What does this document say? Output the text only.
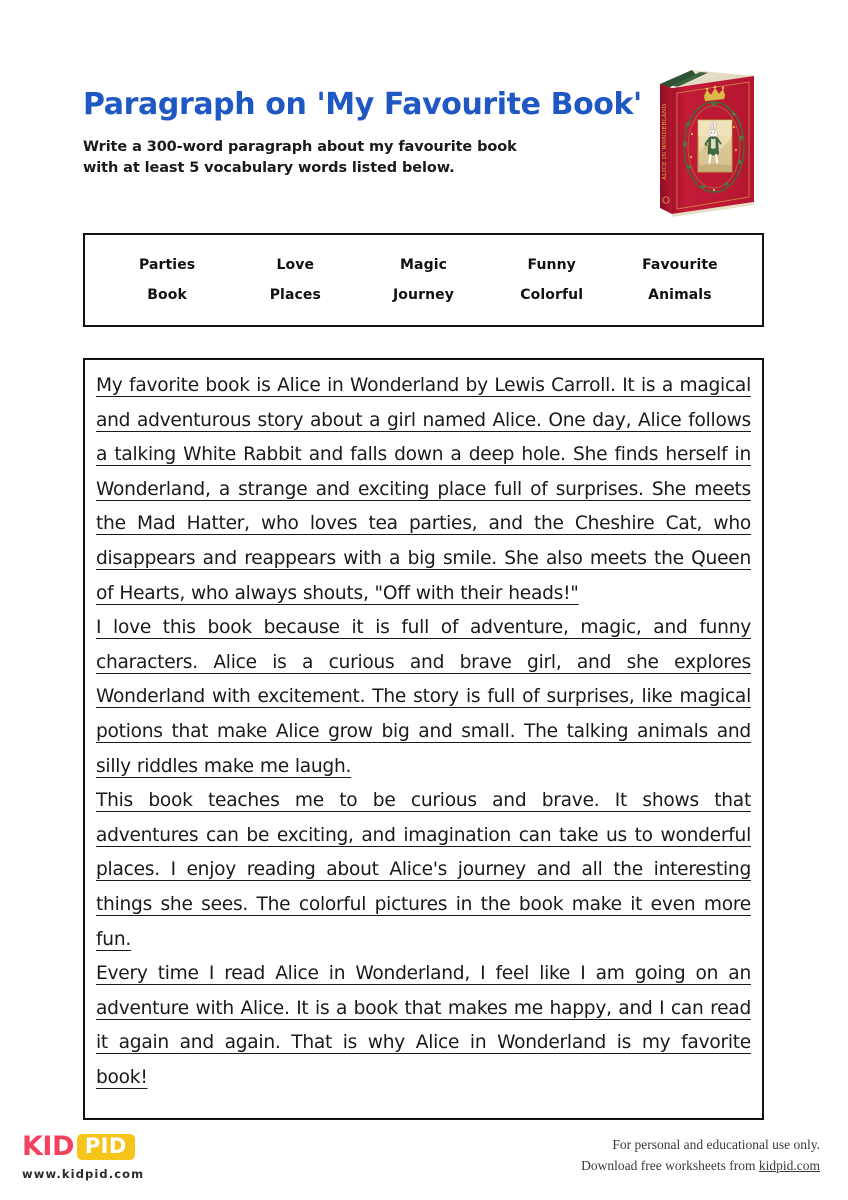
Paragraph on 'My Favourite Book'
Write a 300-word paragraph about my favourite book
with at least 5 vocabulary words listed below.	ALICE IN WONDERLAND
Parties	Love	Magic	Funny	Favourite
Book	Places	Journey	Colorful	Animals

My favorite book is Alice in Wonderland by Lewis Carroll. It is a magical and adventurous story about a girl named Alice. One day, Alice follows a talking White Rabbit and falls down a deep hole. She finds herself in Wonderland, a strange and exciting place full of surprises. She meets the Mad Hatter, who loves tea parties, and the Cheshire Cat, who disappears and reappears with a big smile. She also meets the Queen of Hearts, who always shouts, "Off with their heads!"

I love this book because it is full of adventure, magic, and funny characters. Alice is a curious and brave girl, and she explores Wonderland with excitement. The story is full of surprises, like magical potions that make Alice grow big and small. The talking animals and silly riddles make me laugh.

This book teaches me to be curious and brave. It shows that adventures can be exciting, and imagination can take us to wonderful places. I enjoy reading about Alice's journey and all the interesting things she sees. The colorful pictures in the book make it even more fun.

Every time I read Alice in Wonderland, I feel like I am going on an adventure with Alice. It is a book that makes me happy, and I can read it again and again. That is why Alice in Wonderland is my favorite book!

KID PID
www.kidpid.com
For personal and educational use only.
Download free worksheets from kidpid.com
